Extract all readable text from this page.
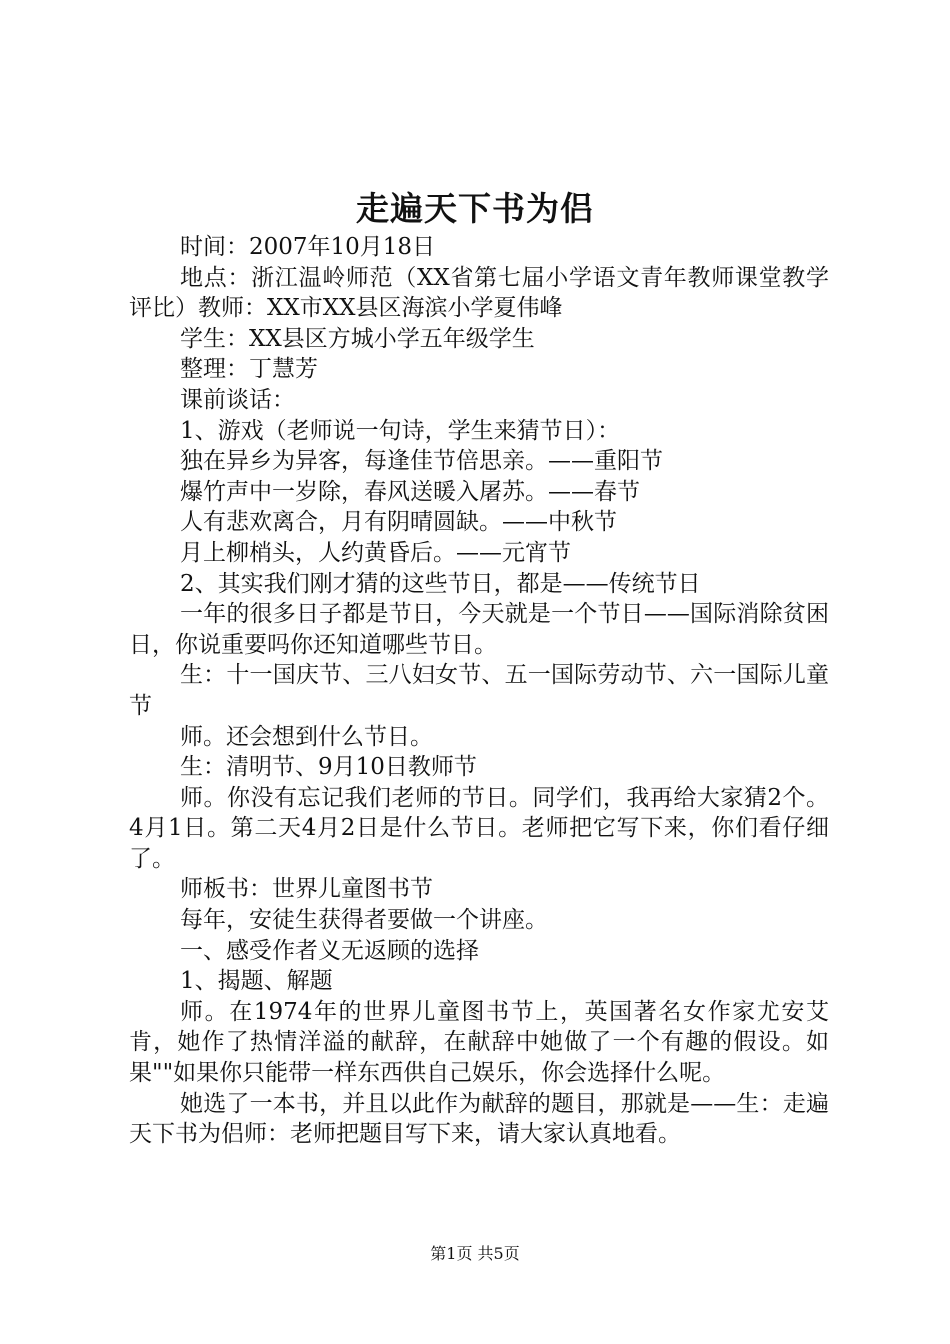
走遍天下书为侣

时间：2007年10月18日

地点：浙江温岭师范（XX省第七届小学语文青年教师课堂教学评比）教师：XX市XX县区海滨小学夏伟峰

学生：XX县区方城小学五年级学生

整理：丁慧芳

课前谈话：

1、游戏（老师说一句诗，学生来猜节日）：

独在异乡为异客，每逢佳节倍思亲。——重阳节

爆竹声中一岁除，春风送暖入屠苏。——春节

人有悲欢离合，月有阴晴圆缺。——中秋节

月上柳梢头，人约黄昏后。——元宵节

2、其实我们刚才猜的这些节日，都是——传统节日

一年的很多日子都是节日，今天就是一个节日——国际消除贫困日，你说重要吗你还知道哪些节日。

生：十一国庆节、三八妇女节、五一国际劳动节、六一国际儿童节

师。还会想到什么节日。

生：清明节、9月10日教师节

师。你没有忘记我们老师的节日。同学们，我再给大家猜2个。4月1日。第二天4月2日是什么节日。老师把它写下来，你们看仔细了。

师板书：世界儿童图书节

每年，安徒生获得者要做一个讲座。

一、感受作者义无返顾的选择

1、揭题、解题

师。在1974年的世界儿童图书节上，英国著名女作家尤安艾肯，她作了热情洋溢的献辞，在献辞中她做了一个有趣的假设。如果""如果你只能带一样东西供自己娱乐，你会选择什么呢。

她选了一本书，并且以此作为献辞的题目，那就是——生：走遍天下书为侣师：老师把题目写下来，请大家认真地看。

第1页 共5页
